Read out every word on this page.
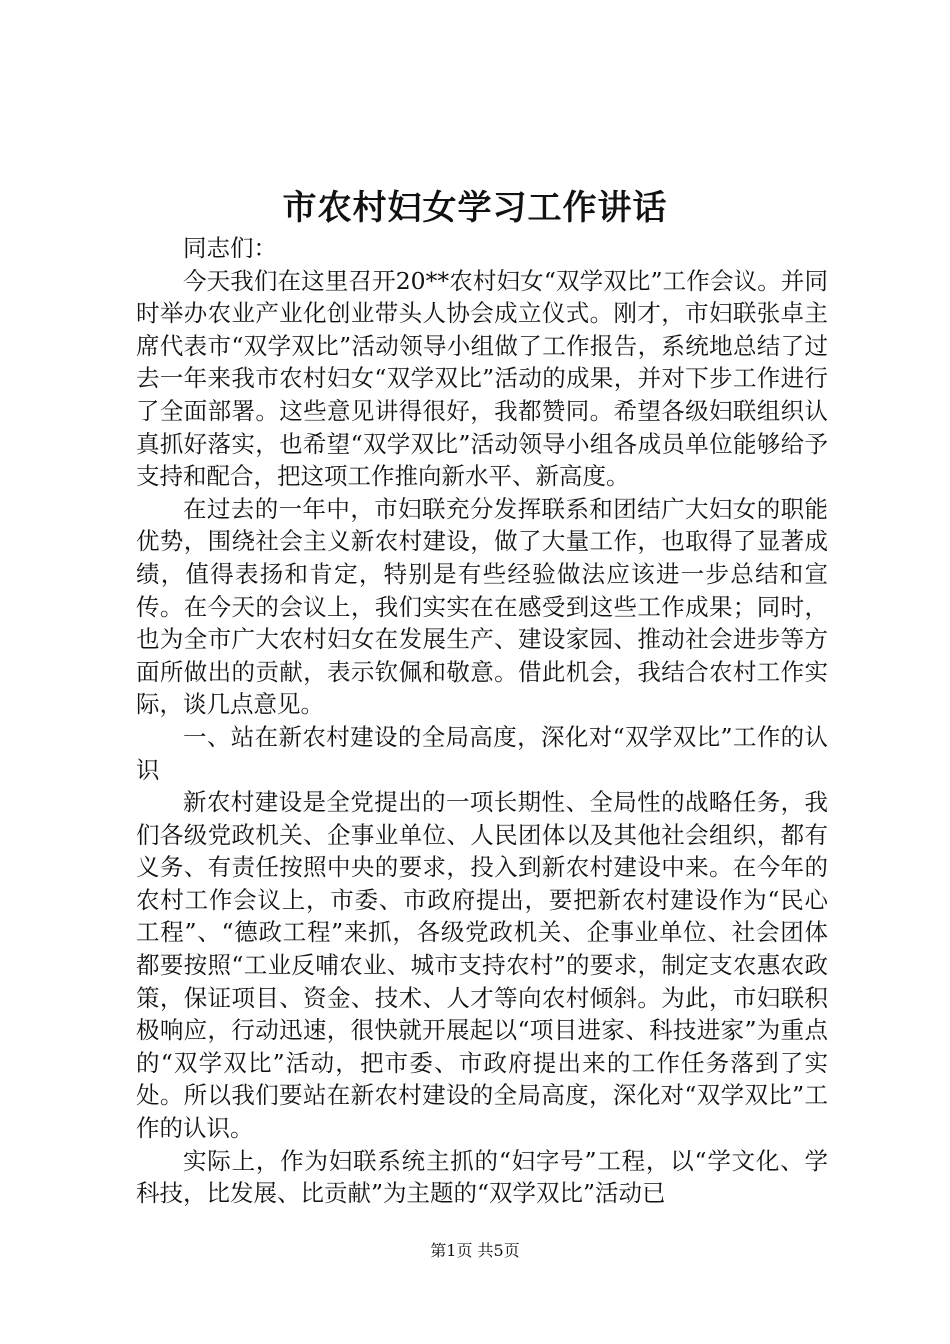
市农村妇女学习工作讲话

同志们：

今天我们在这里召开20**农村妇女“双学双比”工作会议。并同时举办农业产业化创业带头人协会成立仪式。刚才，市妇联张卓主席代表市“双学双比”活动领导小组做了工作报告，系统地总结了过去一年来我市农村妇女“双学双比”活动的成果，并对下步工作进行了全面部署。这些意见讲得很好，我都赞同。希望各级妇联组织认真抓好落实，也希望“双学双比”活动领导小组各成员单位能够给予支持和配合，把这项工作推向新水平、新高度。

在过去的一年中，市妇联充分发挥联系和团结广大妇女的职能优势，围绕社会主义新农村建设，做了大量工作，也取得了显著成绩，值得表扬和肯定，特别是有些经验做法应该进一步总结和宣传。在今天的会议上，我们实实在在感受到这些工作成果；同时，也为全市广大农村妇女在发展生产、建设家园、推动社会进步等方面所做出的贡献，表示钦佩和敬意。借此机会，我结合农村工作实际，谈几点意见。

一、站在新农村建设的全局高度，深化对“双学双比”工作的认识

新农村建设是全党提出的一项长期性、全局性的战略任务，我们各级党政机关、企事业单位、人民团体以及其他社会组织，都有义务、有责任按照中央的要求，投入到新农村建设中来。在今年的农村工作会议上，市委、市政府提出，要把新农村建设作为“民心工程”、“德政工程”来抓，各级党政机关、企事业单位、社会团体都要按照“工业反哺农业、城市支持农村”的要求，制定支农惠农政策，保证项目、资金、技术、人才等向农村倾斜。为此，市妇联积极响应，行动迅速，很快就开展起以“项目进家、科技进家”为重点的“双学双比”活动，把市委、市政府提出来的工作任务落到了实处。所以我们要站在新农村建设的全局高度，深化对“双学双比”工作的认识。

实际上，作为妇联系统主抓的“妇字号”工程，以“学文化、学科技，比发展、比贡献”为主题的“双学双比”活动已

第1页 共5页
